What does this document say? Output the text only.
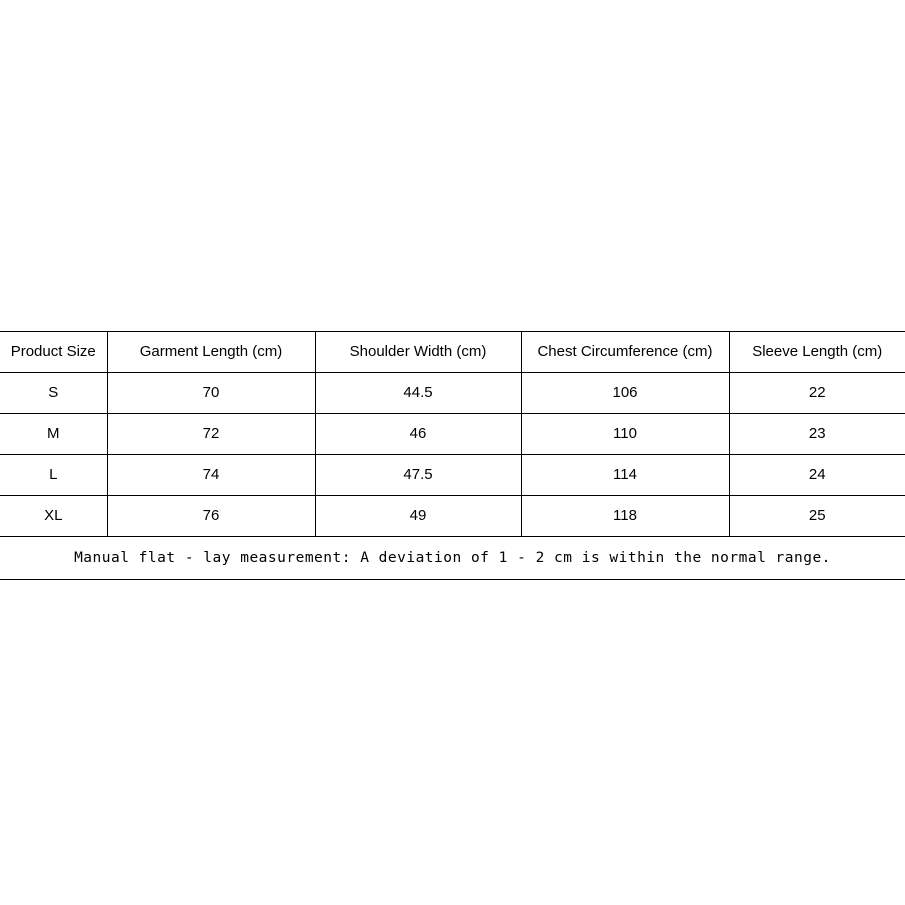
Product Size	Garment Length (cm)	Shoulder Width (cm)	Chest Circumference (cm)	Sleeve Length (cm)
S	70	44.5	106	22
M	72	46	110	23
L	74	47.5	114	24
XL	76	49	118	25
Manual flat - lay measurement: A deviation of 1 - 2 cm is within the normal range.				
